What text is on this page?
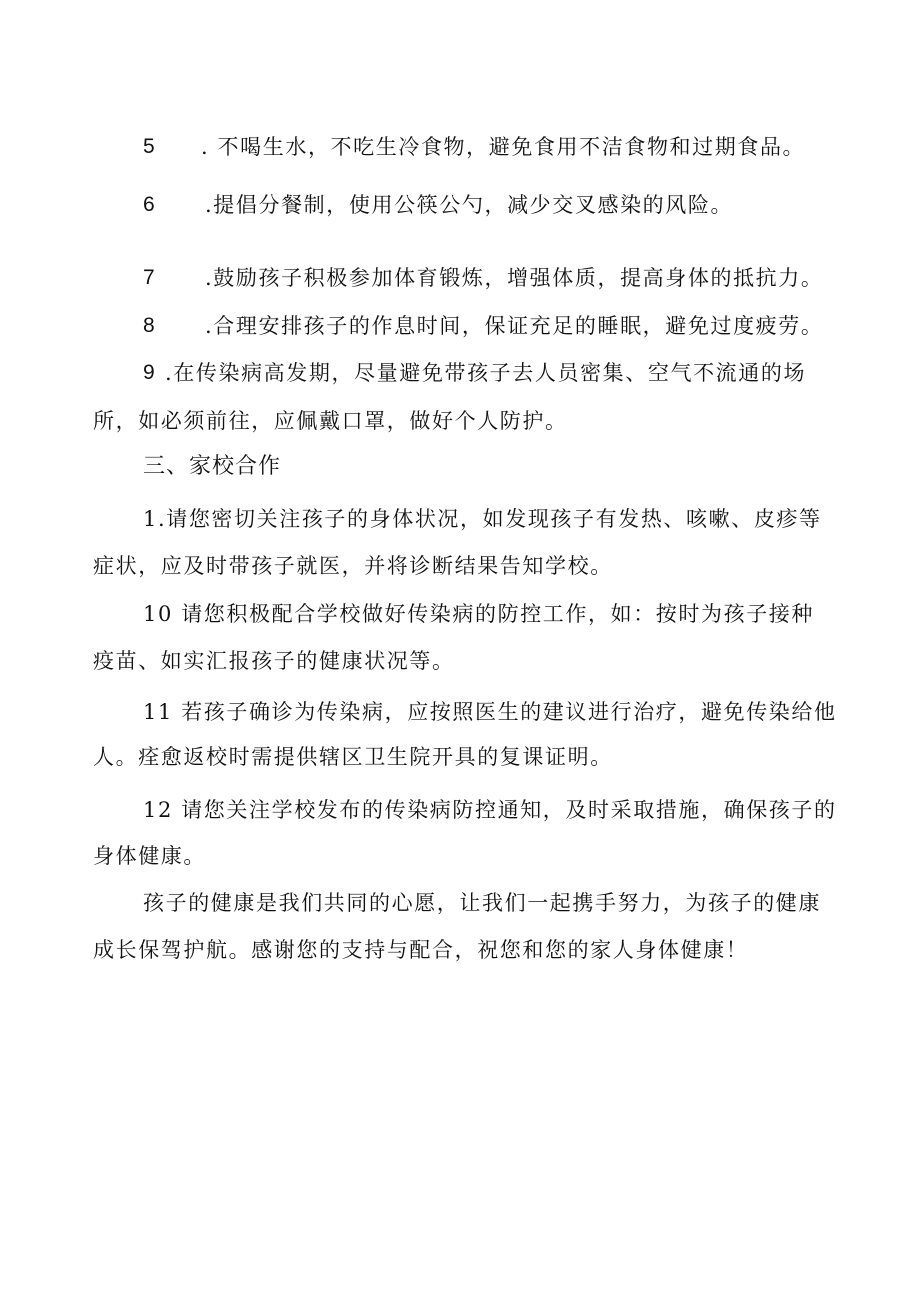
5 . 不喝生水，不吃生冷食物，避免食用不洁食物和过期食品。
6 .提倡分餐制，使用公筷公勺，减少交叉感染的风险。
7 .鼓励孩子积极参加体育锻炼，增强体质，提高身体的抵抗力。
8 .合理安排孩子的作息时间，保证充足的睡眠，避免过度疲劳。
9 .在传染病高发期，尽量避免带孩子去人员密集、空气不流通的场
所，如必须前往，应佩戴口罩，做好个人防护。
三、家校合作
1.请您密切关注孩子的身体状况，如发现孩子有发热、咳嗽、皮疹等
症状，应及时带孩子就医，并将诊断结果告知学校。
10 请您积极配合学校做好传染病的防控工作，如：按时为孩子接种
疫苗、如实汇报孩子的健康状况等。
11 若孩子确诊为传染病，应按照医生的建议进行治疗，避免传染给他
人。痊愈返校时需提供辖区卫生院开具的复课证明。
12 请您关注学校发布的传染病防控通知，及时采取措施，确保孩子的
身体健康。
孩子的健康是我们共同的心愿，让我们一起携手努力，为孩子的健康
成长保驾护航。感谢您的支持与配合，祝您和您的家人身体健康！
